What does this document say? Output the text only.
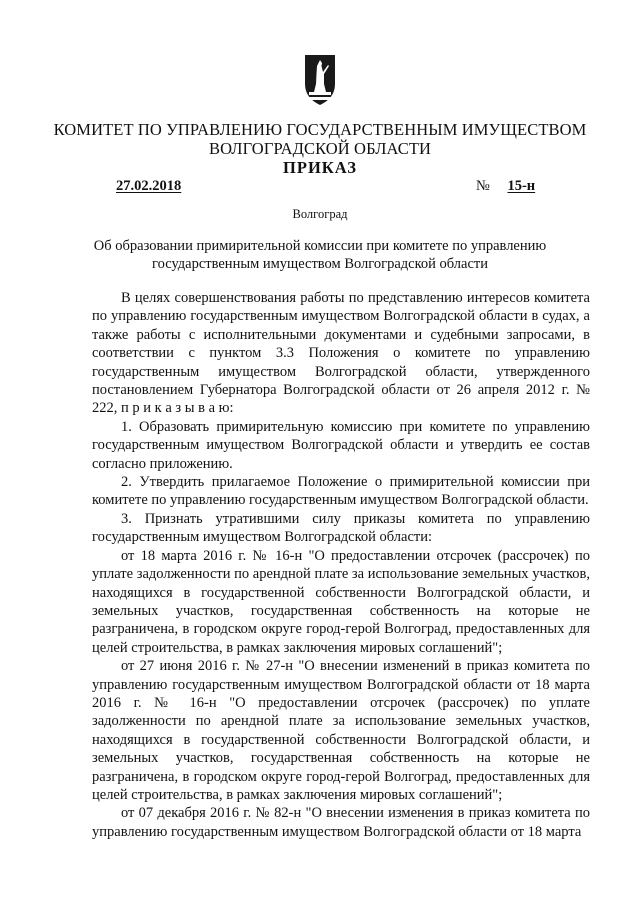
КОМИТЕТ ПО УПРАВЛЕНИЮ ГОСУДАРСТВЕННЫМ ИМУЩЕСТВОМ
ВОЛГОГРАДСКОЙ ОБЛАСТИ
ПРИКАЗ
27.02.2018	№ 15-н
Волгоград
Об образовании примирительной комиссии при комитете по управлению государственным имуществом Волгоградской области

В целях совершенствования работы по представлению интересов комитета по управлению государственным имуществом Волгоградской области в судах, а также работы с исполнительными документами и судебными запросами, в соответствии с пунктом 3.3 Положения о комитете по управлению государственным имуществом Волгоградской области, утвержденного постановлением Губернатора Волгоградской области от 26 апреля 2012 г. № 222, п р и к а з ы в а ю:

1. Образовать примирительную комиссию при комитете по управлению государственным имуществом Волгоградской области и утвердить ее состав согласно приложению.

2. Утвердить прилагаемое Положение о примирительной комиссии при комитете по управлению государственным имуществом Волгоградской области.

3. Признать утратившими силу приказы комитета по управлению государственным имуществом Волгоградской области:

от 18 марта 2016 г. № 16-н "О предоставлении отсрочек (рассрочек) по уплате задолженности по арендной плате за использование земельных участков, находящихся в государственной собственности Волгоградской области, и земельных участков, государственная собственность на которые не разграничена, в городском округе город-герой Волгоград, предоставленных для целей строительства, в рамках заключения мировых соглашений";

от 27 июня 2016 г. № 27-н "О внесении изменений в приказ комитета по управлению государственным имуществом Волгоградской области от 18 марта 2016 г. № 16-н "О предоставлении отсрочек (рассрочек) по уплате задолженности по арендной плате за использование земельных участков, находящихся в государственной собственности Волгоградской области, и земельных участков, государственная собственность на которые не разграничена, в городском округе город-герой Волгоград, предоставленных для целей строительства, в рамках заключения мировых соглашений";

от 07 декабря 2016 г. № 82-н "О внесении изменения в приказ комитета по управлению государственным имуществом Волгоградской области от 18 марта
